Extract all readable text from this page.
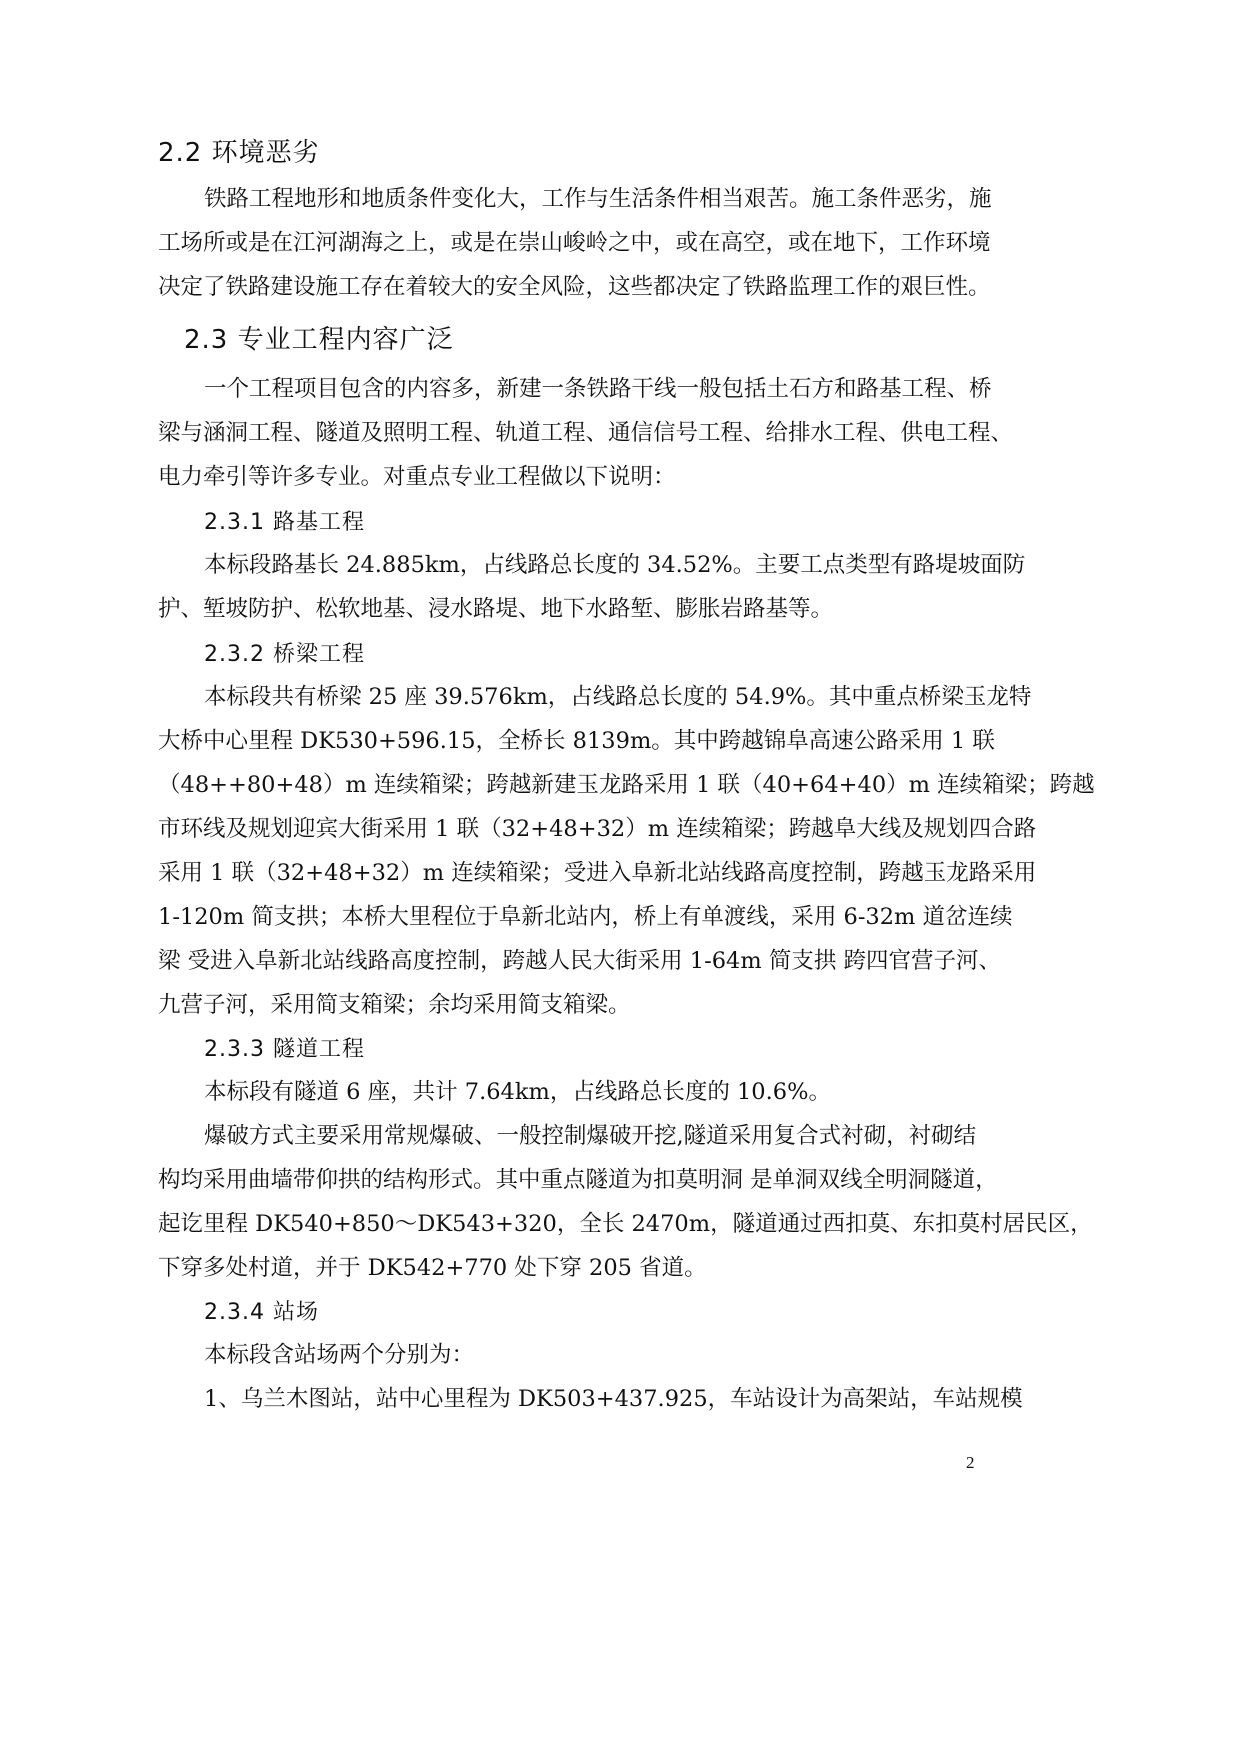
2.2 环境恶劣
铁路工程地形和地质条件变化大，工作与生活条件相当艰苦。施工条件恶劣，施
工场所或是在江河湖海之上，或是在崇山峻岭之中，或在高空，或在地下，工作环境
决定了铁路建设施工存在着较大的安全风险，这些都决定了铁路监理工作的艰巨性。
2.3 专业工程内容广泛
一个工程项目包含的内容多，新建一条铁路干线一般包括土石方和路基工程、桥
梁与涵洞工程、隧道及照明工程、轨道工程、通信信号工程、给排水工程、供电工程、
电力牵引等许多专业。对重点专业工程做以下说明：
2.3.1 路基工程
本标段路基长 24.885km，占线路总长度的 34.52%。主要工点类型有路堤坡面防
护、堑坡防护、松软地基、浸水路堤、地下水路堑、膨胀岩路基等。
2.3.2 桥梁工程
本标段共有桥梁 25 座 39.576km，占线路总长度的 54.9%。其中重点桥梁玉龙特
大桥中心里程 DK530+596.15，全桥长 8139m。其中跨越锦阜高速公路采用 1 联
（48++80+48）m 连续箱梁；跨越新建玉龙路采用 1 联（40+64+40）m 连续箱梁；跨越
市环线及规划迎宾大街采用 1 联（32+48+32）m 连续箱梁；跨越阜大线及规划四合路
采用 1 联（32+48+32）m 连续箱梁；受进入阜新北站线路高度控制，跨越玉龙路采用
1-120m 简支拱；本桥大里程位于阜新北站内，桥上有单渡线，采用 6-32m 道岔连续
梁 受进入阜新北站线路高度控制，跨越人民大街采用 1-64m 简支拱 跨四官营子河、
九营子河，采用简支箱梁；余均采用简支箱梁。
2.3.3 隧道工程
本标段有隧道 6 座，共计 7.64km，占线路总长度的 10.6%。
爆破方式主要采用常规爆破、一般控制爆破开挖,隧道采用复合式衬砌，衬砌结
构均采用曲墙带仰拱的结构形式。其中重点隧道为扣莫明洞 是单洞双线全明洞隧道，
起讫里程 DK540+850～DK543+320，全长 2470m，隧道通过西扣莫、东扣莫村居民区，
下穿多处村道，并于 DK542+770 处下穿 205 省道。
2.3.4 站场
本标段含站场两个分别为：
1、乌兰木图站，站中心里程为 DK503+437.925，车站设计为高架站，车站规模
2
